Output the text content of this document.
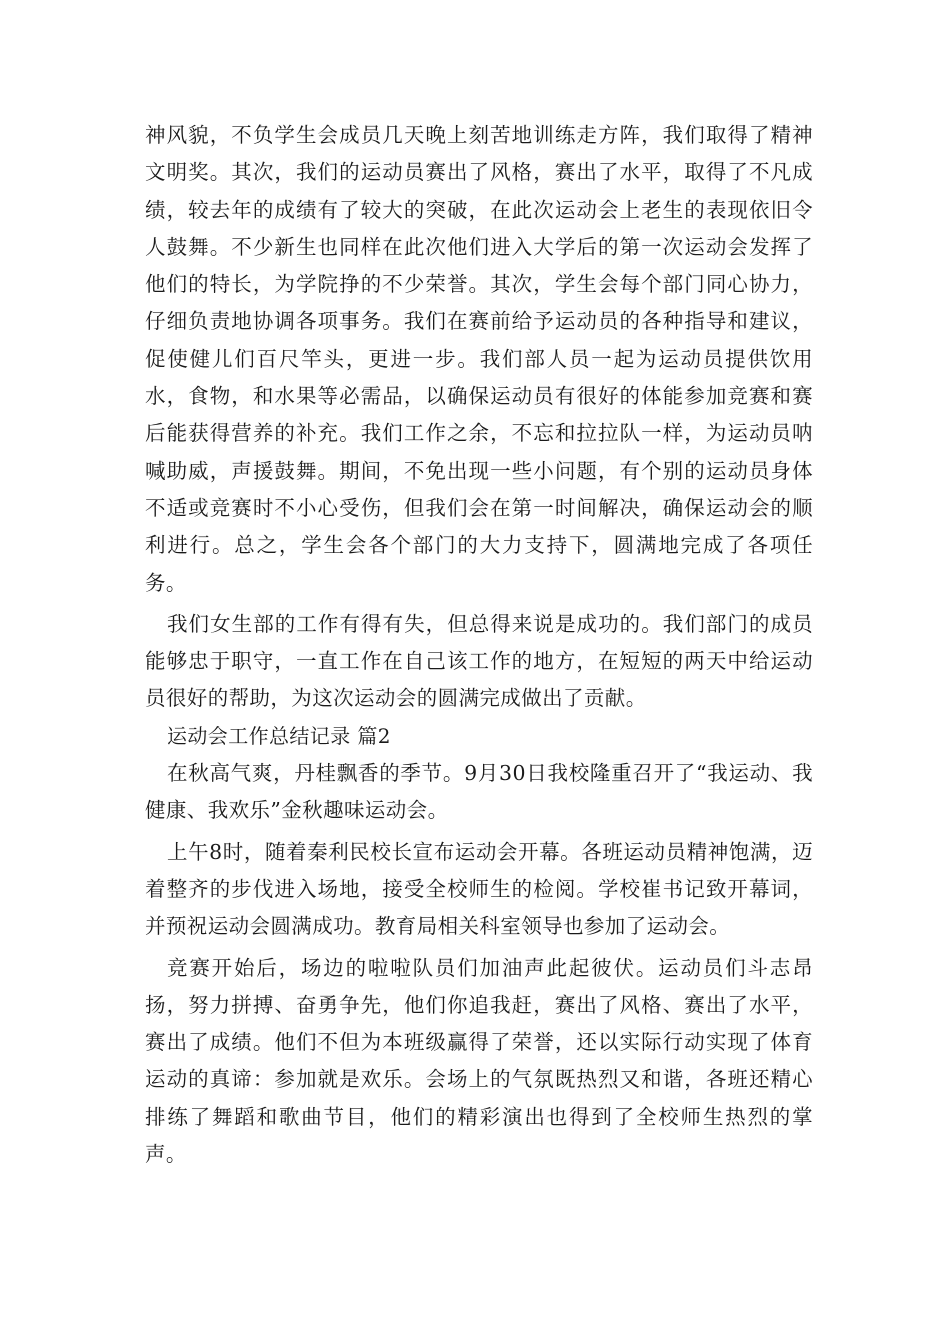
神风貌，不负学生会成员几天晚上刻苦地训练走方阵，我们取得了精神文明奖。其次，我们的运动员赛出了风格，赛出了水平，取得了不凡成绩，较去年的成绩有了较大的突破，在此次运动会上老生的表现依旧令人鼓舞。不少新生也同样在此次他们进入大学后的第一次运动会发挥了他们的特长，为学院挣的不少荣誉。其次，学生会每个部门同心协力，仔细负责地协调各项事务。我们在赛前给予运动员的各种指导和建议，促使健儿们百尺竿头，更进一步。我们部人员一起为运动员提供饮用水，食物，和水果等必需品，以确保运动员有很好的体能参加竞赛和赛后能获得营养的补充。我们工作之余，不忘和拉拉队一样，为运动员呐喊助威，声援鼓舞。期间，不免出现一些小问题，有个别的运动员身体不适或竞赛时不小心受伤，但我们会在第一时间解决，确保运动会的顺利进行。总之，学生会各个部门的大力支持下，圆满地完成了各项任务。

我们女生部的工作有得有失，但总得来说是成功的。我们部门的成员能够忠于职守，一直工作在自己该工作的地方，在短短的两天中给运动员很好的帮助，为这次运动会的圆满完成做出了贡献。

运动会工作总结记录 篇2

在秋高气爽，丹桂飘香的季节。9月30日我校隆重召开了“我运动、我健康、我欢乐”金秋趣味运动会。

上午8时，随着秦利民校长宣布运动会开幕。各班运动员精神饱满，迈着整齐的步伐进入场地，接受全校师生的检阅。学校崔书记致开幕词，并预祝运动会圆满成功。教育局相关科室领导也参加了运动会。

竞赛开始后，场边的啦啦队员们加油声此起彼伏。运动员们斗志昂扬，努力拼搏、奋勇争先，他们你追我赶，赛出了风格、赛出了水平，赛出了成绩。他们不但为本班级赢得了荣誉，还以实际行动实现了体育运动的真谛：参加就是欢乐。会场上的气氛既热烈又和谐，各班还精心排练了舞蹈和歌曲节目，他们的精彩演出也得到了全校师生热烈的掌声。
